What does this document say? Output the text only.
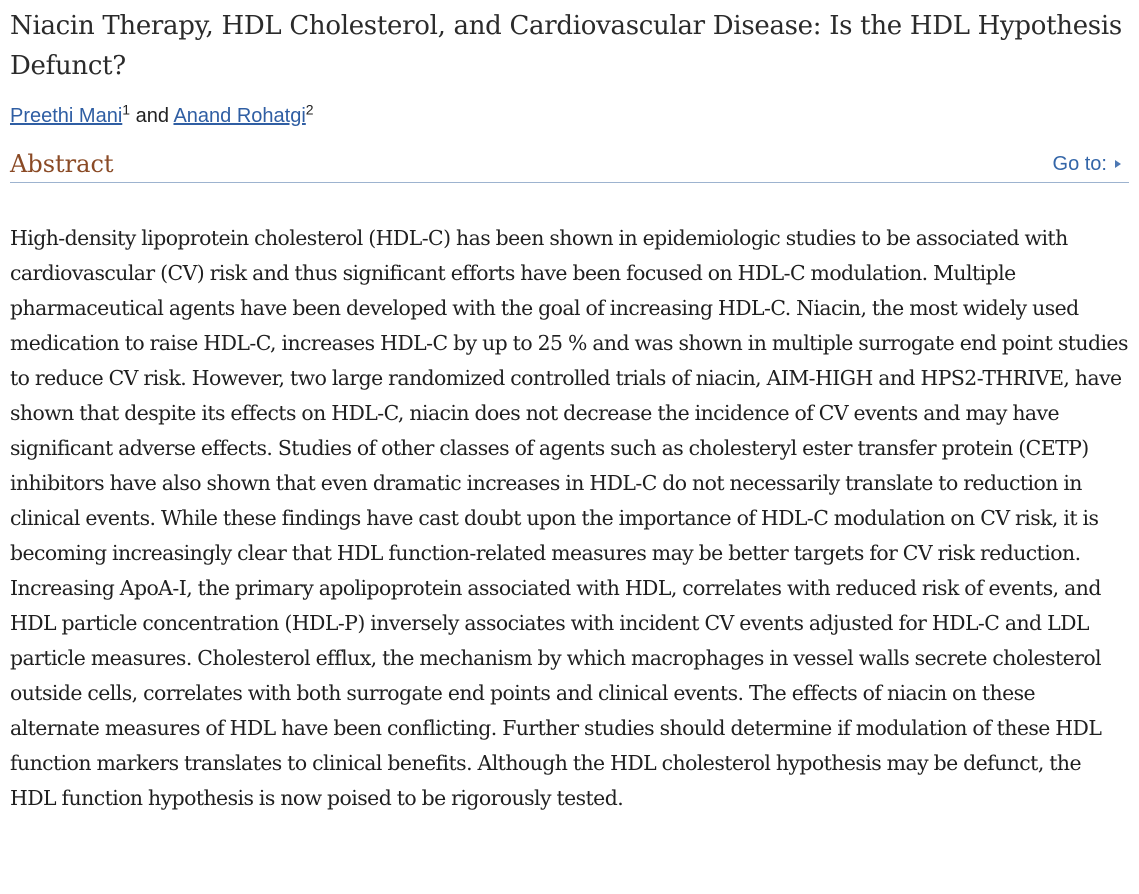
Niacin Therapy, HDL Cholesterol, and Cardiovascular Disease: Is the HDL Hypothesis Defunct?
Preethi Mani$^1$ and Anand Rohatgi$^2$
Abstract	Go to:

High-density lipoprotein cholesterol (HDL-C) has been shown in epidemiologic studies to be associated with cardiovascular (CV) risk and thus significant efforts have been focused on HDL-C modulation. Multiple pharmaceutical agents have been developed with the goal of increasing HDL-C. Niacin, the most widely used medication to raise HDL-C, increases HDL-C by up to 25 % and was shown in multiple surrogate end point studies to reduce CV risk. However, two large randomized controlled trials of niacin, AIM-HIGH and HPS2-THRIVE, have shown that despite its effects on HDL-C, niacin does not decrease the incidence of CV events and may have significant adverse effects. Studies of other classes of agents such as cholesteryl ester transfer protein (CETP) inhibitors have also shown that even dramatic increases in HDL-C do not necessarily translate to reduction in clinical events. While these findings have cast doubt upon the importance of HDL-C modulation on CV risk, it is becoming increasingly clear that HDL function-related measures may be better targets for CV risk reduction. Increasing ApoA-I, the primary apolipoprotein associated with HDL, correlates with reduced risk of events, and HDL particle concentration (HDL-P) inversely associates with incident CV events adjusted for HDL-C and LDL particle measures. Cholesterol efflux, the mechanism by which macrophages in vessel walls secrete cholesterol outside cells, correlates with both surrogate end points and clinical events. The effects of niacin on these alternate measures of HDL have been conflicting. Further studies should determine if modulation of these HDL function markers translates to clinical benefits. Although the HDL cholesterol hypothesis may be defunct, the HDL function hypothesis is now poised to be rigorously tested.
